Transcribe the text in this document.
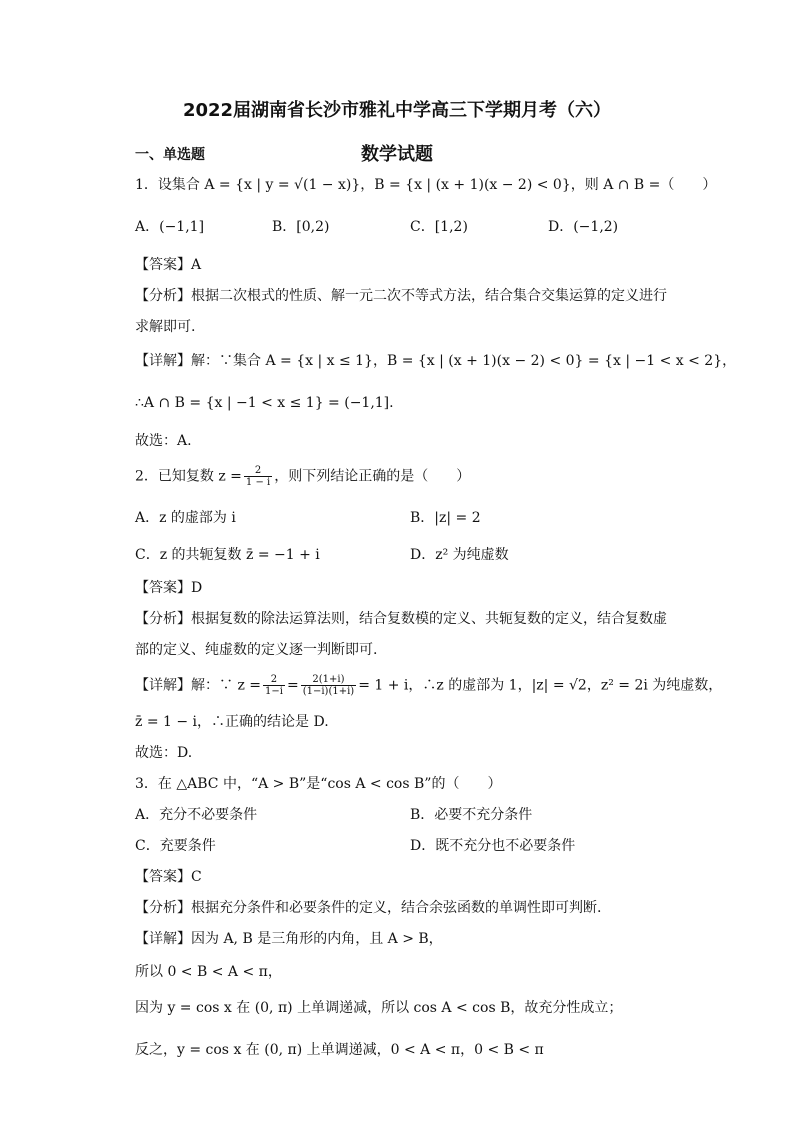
2022届湖南省长沙市雅礼中学高三下学期月考（六）
数学试题
一、单选题
1．设集合 A = {x | y = √(1 − x)}，B = {x | (x + 1)(x − 2) < 0}，则 A ∩ B =（　　）
A．(−1,1]	B．[0,2)	C．[1,2)	D．(−1,2)
【答案】A
【分析】根据二次根式的性质、解一元二次不等式方法，结合集合交集运算的定义进行
求解即可.
【详解】解：∵集合 A = {x | x ≤ 1}，B = {x | (x + 1)(x − 2) < 0} = {x | −1 < x < 2}，
∴A ∩ B = {x | −1 < x ≤ 1} = (−1,1].
故选：A.
2．已知复数 $z = \frac{2}{1 - i}$ ，则下列结论正确的是（　　）
A．z 的虚部为 i	B．|z| = 2
C．z 的共轭复数 z̄ = −1 + i	D．z² 为纯虚数
【答案】D
【分析】根据复数的除法运算法则，结合复数模的定义、共轭复数的定义，结合复数虚
部的定义、纯虚数的定义逐一判断即可.
【详解】解：∵ $z = \frac{2}{1-i} = \frac{2(1+i)}{(1-i)(1+i)} = 1 + i$，∴z 的虚部为 1，|z| = √2，z² = 2i 为纯虚数，
z̄ = 1 − i，∴正确的结论是 D.
故选：D.
3．在 △ABC 中，“A > B”是“cos A < cos B”的（　　）
A．充分不必要条件	B．必要不充分条件
C．充要条件	D．既不充分也不必要条件
【答案】C
【分析】根据充分条件和必要条件的定义，结合余弦函数的单调性即可判断.
【详解】因为 A, B 是三角形的内角，且 A > B，
所以 0 < B < A < π，
因为 y = cos x 在 (0, π) 上单调递减，所以 cos A < cos B，故充分性成立；
反之，y = cos x 在 (0, π) 上单调递减，0 < A < π，0 < B < π
